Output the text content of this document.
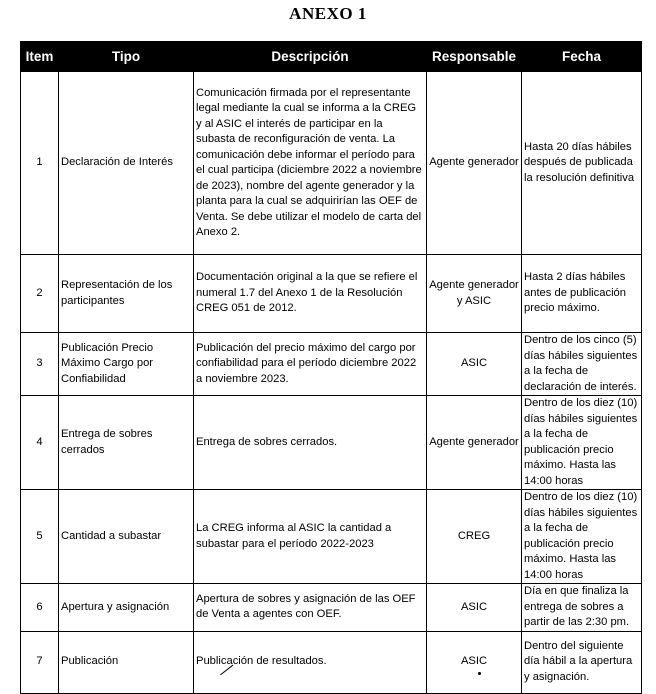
ANEXO 1
Item	Tipo	Descripción	Responsable	Fecha
1	Declaración de Interés	Comunicación firmada por el representante legal mediante la cual se informa a la CREG y al ASIC el interés de participar en la subasta de reconfiguración de venta. La comunicación debe informar el período para el cual participa (diciembre 2022 a noviembre de 2023), nombre del agente generador y la planta para la cual se adquirirían las OEF de Venta. Se debe utilizar el modelo de carta del Anexo 2.	Agente generador	Hasta 20 días hábiles después de publicada la resolución definitiva
2	Representación de los participantes	Documentación original a la que se refiere el numeral 1.7 del Anexo 1 de la Resolución CREG 051 de 2012.	Agente generador y ASIC	Hasta 2 días hábiles antes de publicación precio máximo.
3	Publicación Precio Máximo Cargo por Confiabilidad	Publicación del precio máximo del cargo por confiabilidad para el período diciembre 2022 a noviembre 2023.	ASIC	Dentro de los cinco (5) días hábiles siguientes a la fecha de declaración de interés.
4	Entrega de sobres cerrados	Entrega de sobres cerrados.	Agente generador	Dentro de los diez (10) días hábiles siguientes a la fecha de publicación precio máximo. Hasta las 14:00 horas
5	Cantidad a subastar	La CREG informa al ASIC la cantidad a subastar para el período 2022-2023	CREG	Dentro de los diez (10) días hábiles siguientes a la fecha de publicación precio máximo. Hasta las 14:00 horas
6	Apertura y asignación	Apertura de sobres y asignación de las OEF de Venta a agentes con OEF.	ASIC	Día en que finaliza la entrega de sobres a partir de las 2:30 pm.
7	Publicación	Publicación de resultados.	ASIC	Dentro del siguiente día hábil a la apertura y asignación.
